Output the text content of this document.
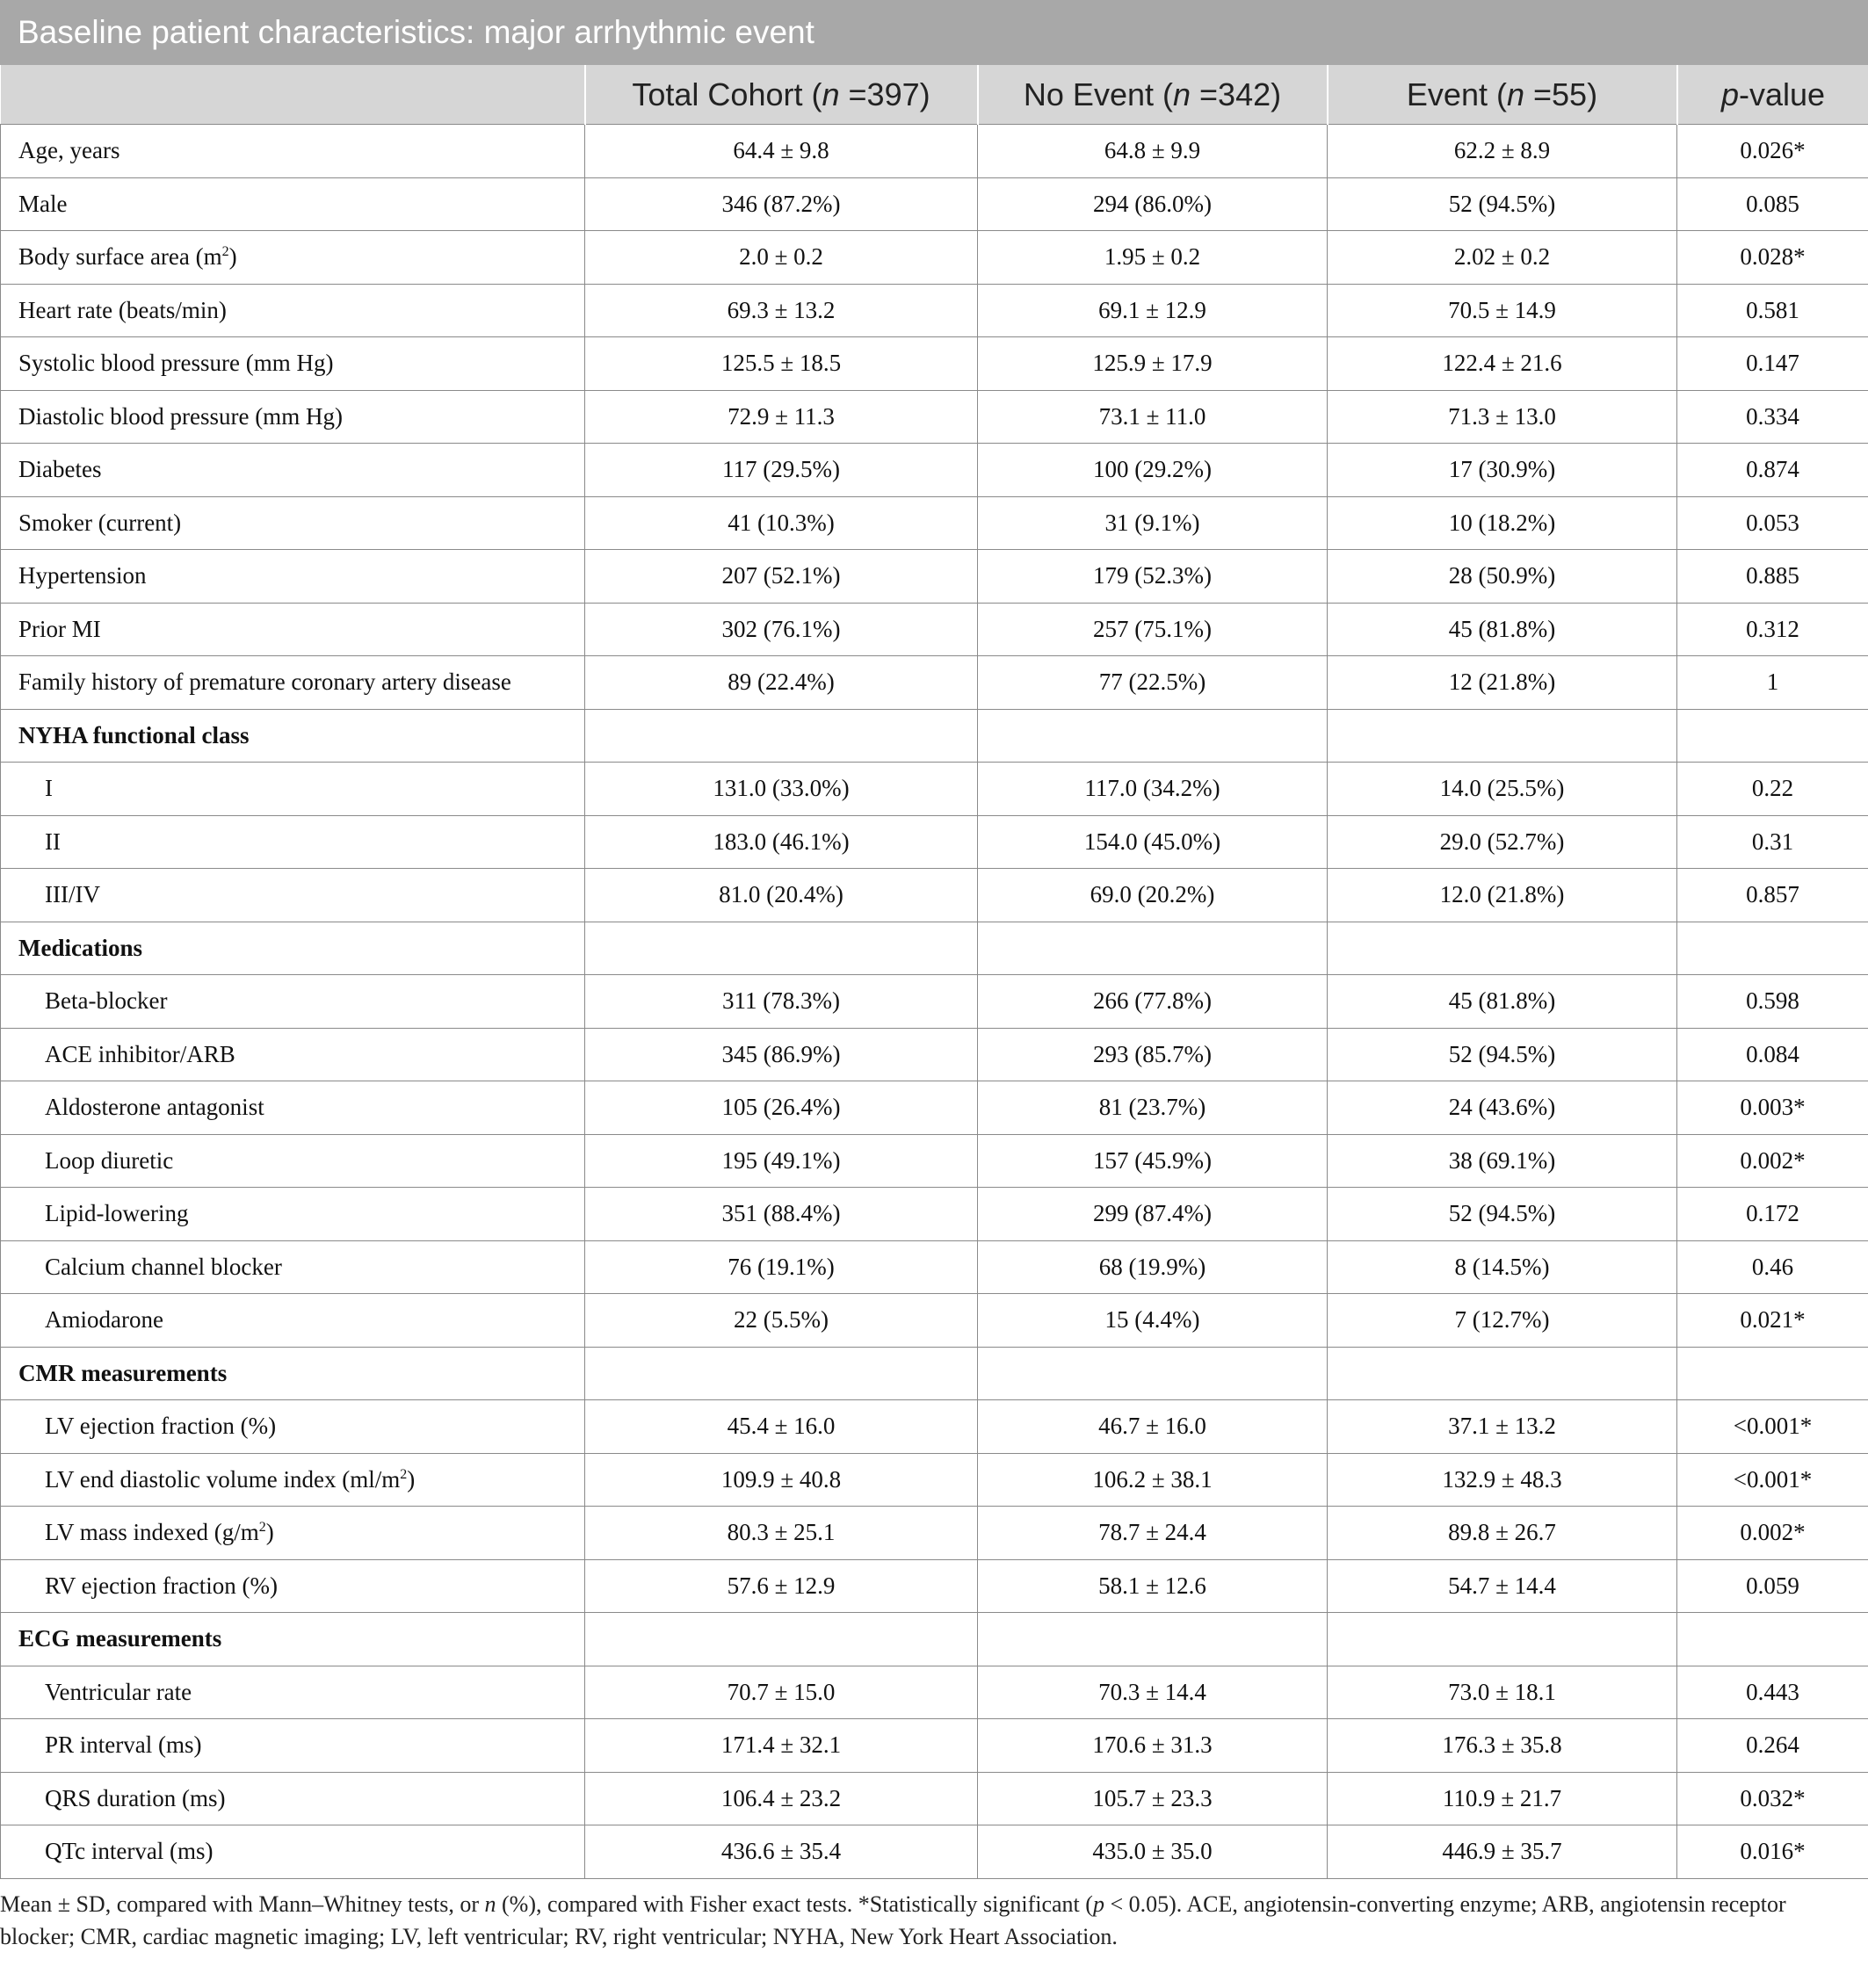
Baseline patient characteristics: major arrhythmic event
	Total Cohort (n =397)	No Event (n =342)	Event (n =55)	p-value
Age, years	64.4 ± 9.8	64.8 ± 9.9	62.2 ± 8.9	0.026*
Male	346 (87.2%)	294 (86.0%)	52 (94.5%)	0.085
Body surface area $(m^2)$	2.0 ± 0.2	1.95 ± 0.2	2.02 ± 0.2	0.028*
Heart rate (beats/min)	69.3 ± 13.2	69.1 ± 12.9	70.5 ± 14.9	0.581
Systolic blood pressure (mm Hg)	125.5 ± 18.5	125.9 ± 17.9	122.4 ± 21.6	0.147
Diastolic blood pressure (mm Hg)	72.9 ± 11.3	73.1 ± 11.0	71.3 ± 13.0	0.334
Diabetes	117 (29.5%)	100 (29.2%)	17 (30.9%)	0.874
Smoker (current)	41 (10.3%)	31 (9.1%)	10 (18.2%)	0.053
Hypertension	207 (52.1%)	179 (52.3%)	28 (50.9%)	0.885
Prior MI	302 (76.1%)	257 (75.1%)	45 (81.8%)	0.312
Family history of premature coronary artery disease	89 (22.4%)	77 (22.5%)	12 (21.8%)	1
NYHA functional class				
I	131.0 (33.0%)	117.0 (34.2%)	14.0 (25.5%)	0.22
II	183.0 (46.1%)	154.0 (45.0%)	29.0 (52.7%)	0.31
III/IV	81.0 (20.4%)	69.0 (20.2%)	12.0 (21.8%)	0.857
Medications				
Beta-blocker	311 (78.3%)	266 (77.8%)	45 (81.8%)	0.598
ACE inhibitor/ARB	345 (86.9%)	293 (85.7%)	52 (94.5%)	0.084
Aldosterone antagonist	105 (26.4%)	81 (23.7%)	24 (43.6%)	0.003*
Loop diuretic	195 (49.1%)	157 (45.9%)	38 (69.1%)	0.002*
Lipid-lowering	351 (88.4%)	299 (87.4%)	52 (94.5%)	0.172
Calcium channel blocker	76 (19.1%)	68 (19.9%)	8 (14.5%)	0.46
Amiodarone	22 (5.5%)	15 (4.4%)	7 (12.7%)	0.021*
CMR measurements				
LV ejection fraction (%)	45.4 ± 16.0	46.7 ± 16.0	37.1 ± 13.2	<0.001*
LV end diastolic volume index $(ml/m^2)$	109.9 ± 40.8	106.2 ± 38.1	132.9 ± 48.3	<0.001*
LV mass indexed $(g/m^2)$	80.3 ± 25.1	78.7 ± 24.4	89.8 ± 26.7	0.002*
RV ejection fraction (%)	57.6 ± 12.9	58.1 ± 12.6	54.7 ± 14.4	0.059
ECG measurements				
Ventricular rate	70.7 ± 15.0	70.3 ± 14.4	73.0 ± 18.1	0.443
PR interval (ms)	171.4 ± 32.1	170.6 ± 31.3	176.3 ± 35.8	0.264
QRS duration (ms)	106.4 ± 23.2	105.7 ± 23.3	110.9 ± 21.7	0.032*
QTc interval (ms)	436.6 ± 35.4	435.0 ± 35.0	446.9 ± 35.7	0.016*
Mean ± SD, compared with Mann–Whitney tests, or n (%), compared with Fisher exact tests. *Statistically significant (p < 0.05). ACE, angiotensin-converting enzyme; ARB, angiotensin receptor blocker; CMR, cardiac magnetic imaging; LV, left ventricular; RV, right ventricular; NYHA, New York Heart Association.
